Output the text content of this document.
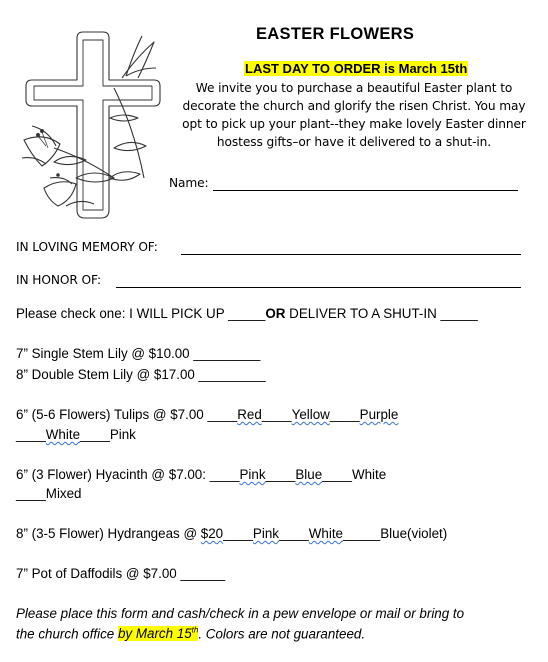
EASTER FLOWERS
LAST DAY TO ORDER is March 15th
We invite you to purchase a beautiful Easter plant to
decorate the church and glorify the risen Christ. You may
opt to pick up your plant--they make lovely Easter dinner
hostess gifts–or have it delivered to a shut-in.
Name:
IN LOVING MEMORY OF:
IN HONOR OF:
Please check one: I WILL PICK UP _____OR DELIVER TO A SHUT-IN _____
7” Single Stem Lily @ $10.00 _________
8” Double Stem Lily @ $17.00 _________
6” (5-6 Flowers) Tulips @ $7.00 ____Red____Yellow____Purple
____White____Pink
6” (3 Flower) Hyacinth @ $7.00: ____Pink____Blue____White
____Mixed
8” (3-5 Flower) Hydrangeas @ $20____Pink____White_____Blue(violet)
7” Pot of Daffodils @ $7.00 ______
Please place this form and cash/check in a pew envelope or mail or bring to
the church office by March 15th. Colors are not guaranteed.
